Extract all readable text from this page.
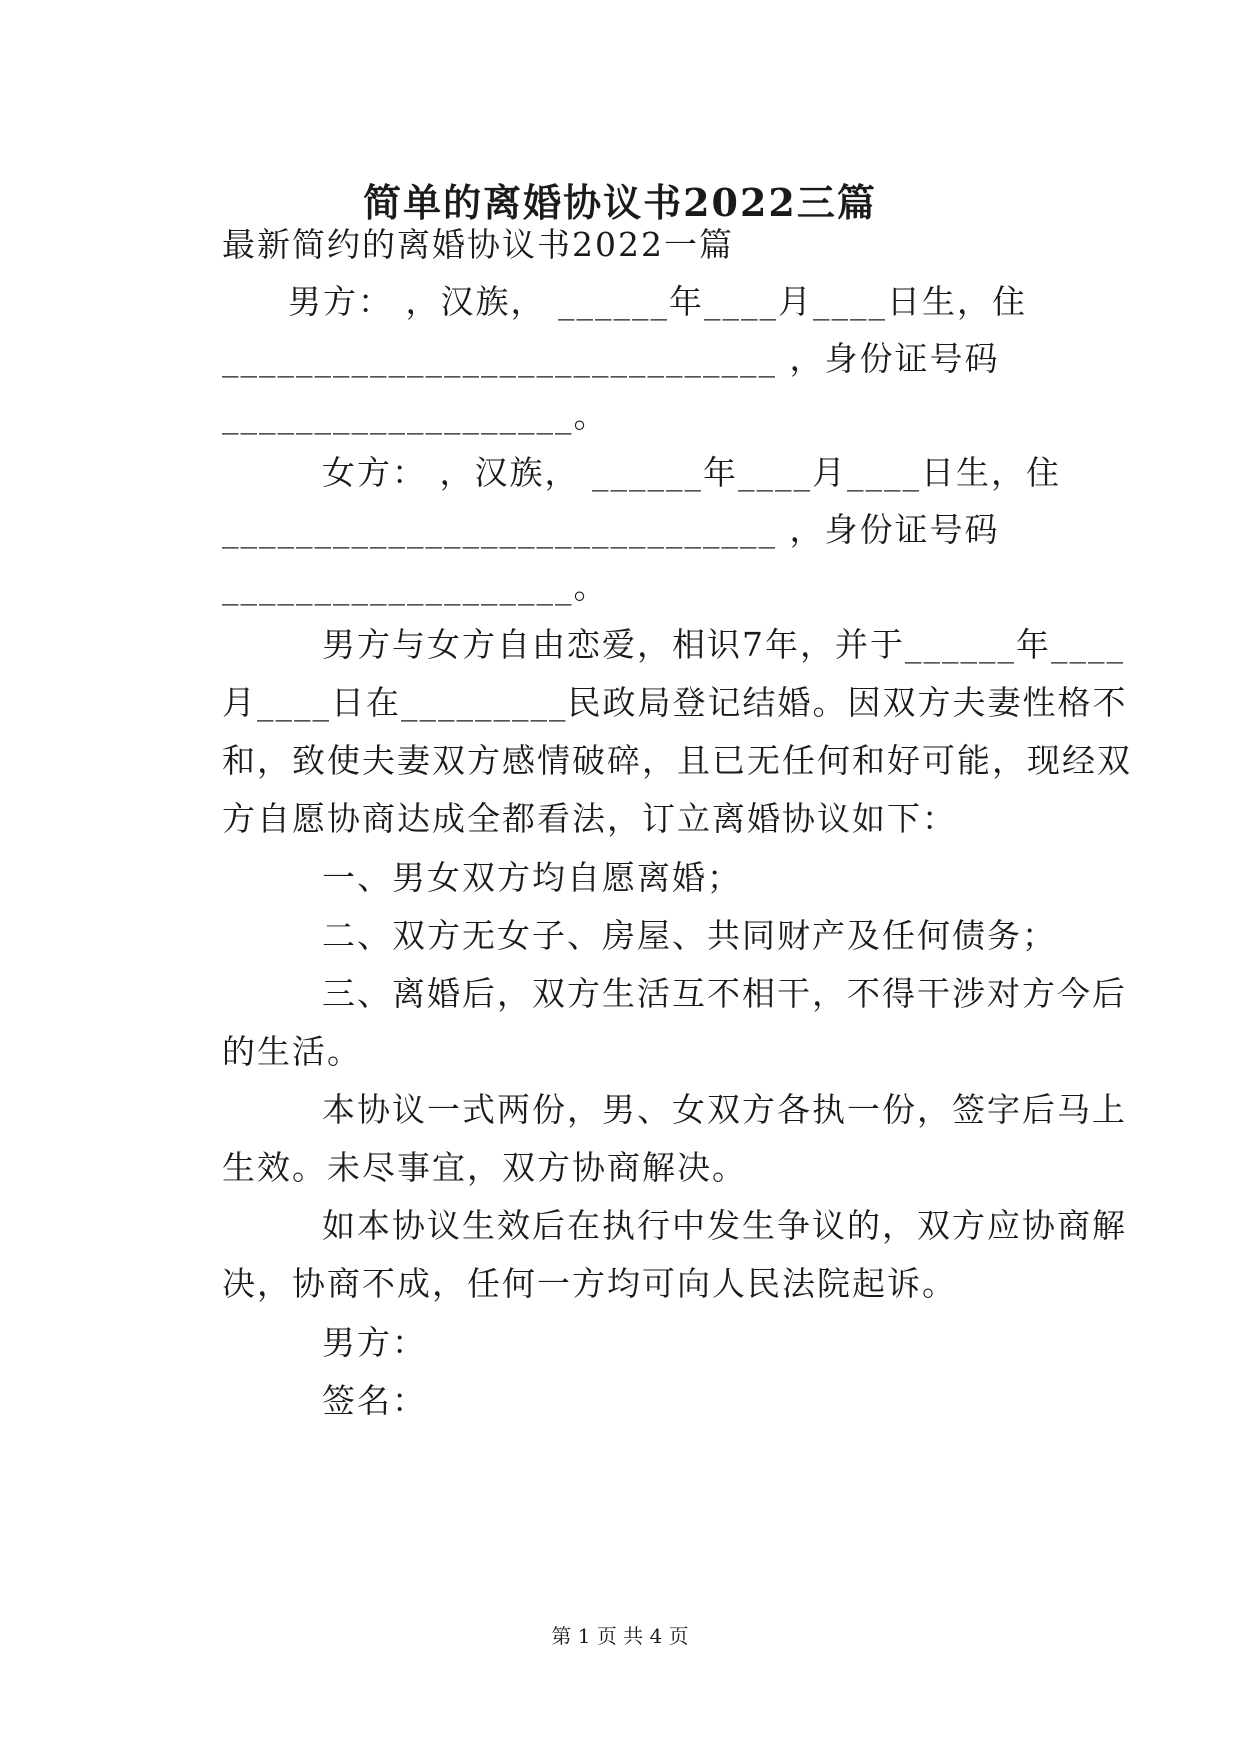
简单的离婚协议书2022三篇
最新简约的离婚协议书2022一篇
男方： ，汉族， ______年____月____日生，住
______________________________ ，身份证号码
___________________。
女方： ，汉族， ______年____月____日生，住
______________________________ ，身份证号码
___________________。
男方与女方自由恋爱，相识7年，并于______年____
月____日在_________民政局登记结婚。因双方夫妻性格不
和，致使夫妻双方感情破碎，且已无任何和好可能，现经双
方自愿协商达成全都看法，订立离婚协议如下：
一、男女双方均自愿离婚；
二、双方无女子、房屋、共同财产及任何债务；
三、离婚后，双方生活互不相干，不得干涉对方今后
的生活。
本协议一式两份，男、女双方各执一份，签字后马上
生效。未尽事宜，双方协商解决。
如本协议生效后在执行中发生争议的，双方应协商解
决，协商不成，任何一方均可向人民法院起诉。
男方：
签名：
第 1 页 共 4 页
